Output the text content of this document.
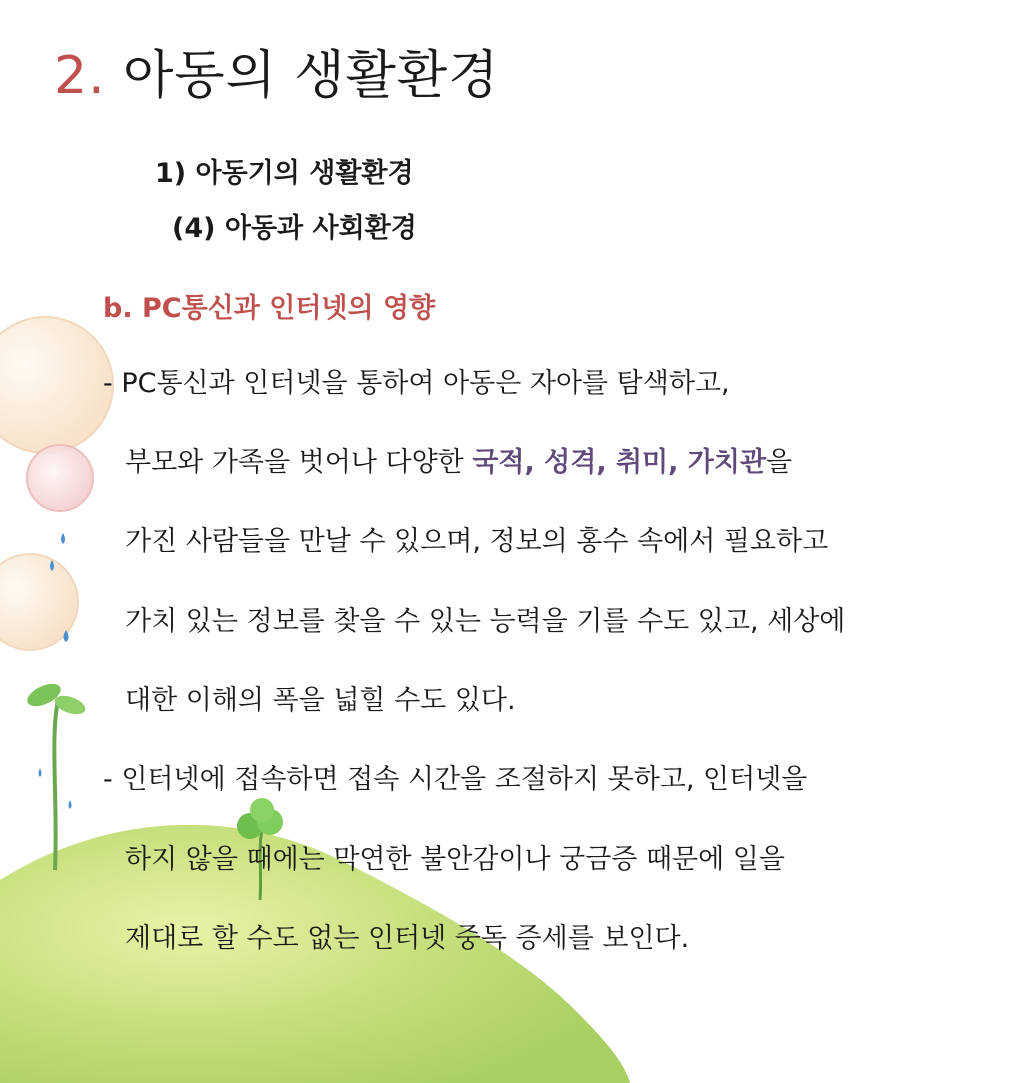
2. 아동의 생활환경
1) 아동기의 생활환경
(4) 아동과 사회환경
b. PC통신과 인터넷의 영향
- PC통신과 인터넷을 통하여 아동은 자아를 탐색하고,
부모와 가족을 벗어나 다양한 국적, 성격, 취미, 가치관을
가진 사람들을 만날 수 있으며, 정보의 홍수 속에서 필요하고
가치 있는 정보를 찾을 수 있는 능력을 기를 수도 있고, 세상에
대한 이해의 폭을 넓힐 수도 있다.
- 인터넷에 접속하면 접속 시간을 조절하지 못하고, 인터넷을
하지 않을 때에는 막연한 불안감이나 궁금증 때문에 일을
제대로 할 수도 없는 인터넷 중독 증세를 보인다.
